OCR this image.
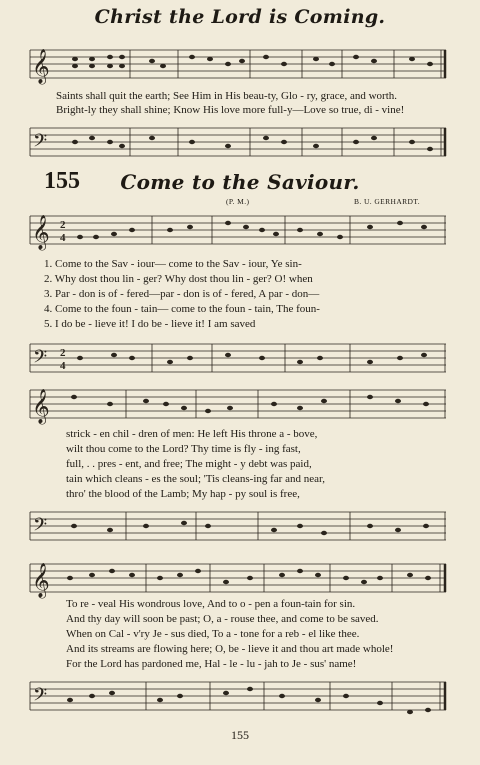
Christ the Lord is Coming.
𝄞
Saints shall quit the earth; See Him in His beau-ty, Glo - ry, grace, and worth.
Bright-ly they shall shine; Know His love more full-y—Love so true, di - vine!
𝄢
155	Come to the Saviour.
(P. M.)	B. U. GERHARDT.
𝄞 2
4
1. Come to the Sav - iour— come to the Sav - iour, Ye sin-
2. Why dost thou lin - ger? Why dost thou lin - ger? O! when
3. Par - don is of - fered—par - don is of - fered, A par - don—
4. Come to the foun - tain— come to the foun - tain, The foun-
5. I do be - lieve it! I do be - lieve it! I am saved
𝄢 2
4
𝄞
strick - en chil - dren of men: He left His throne a - bove,
wilt thou come to the Lord? Thy time is fly - ing fast,
full, . . pres - ent, and free; The might - y debt was paid,
tain which cleans - es the soul; 'Tis cleans-ing far and near,
thro' the blood of the Lamb; My hap - py soul is free,
𝄢
𝄞
To re - veal His wondrous love, And to o - pen a foun-tain for sin.
And thy day will soon be past; O, a - rouse thee, and come to be saved.
When on Cal - v'ry Je - sus died, To a - tone for a reb - el like thee.
And its streams are flowing here; O, be - lieve it and thou art made whole!
For the Lord has pardoned me, Hal - le - lu - jah to Je - sus' name!
𝄢
155
